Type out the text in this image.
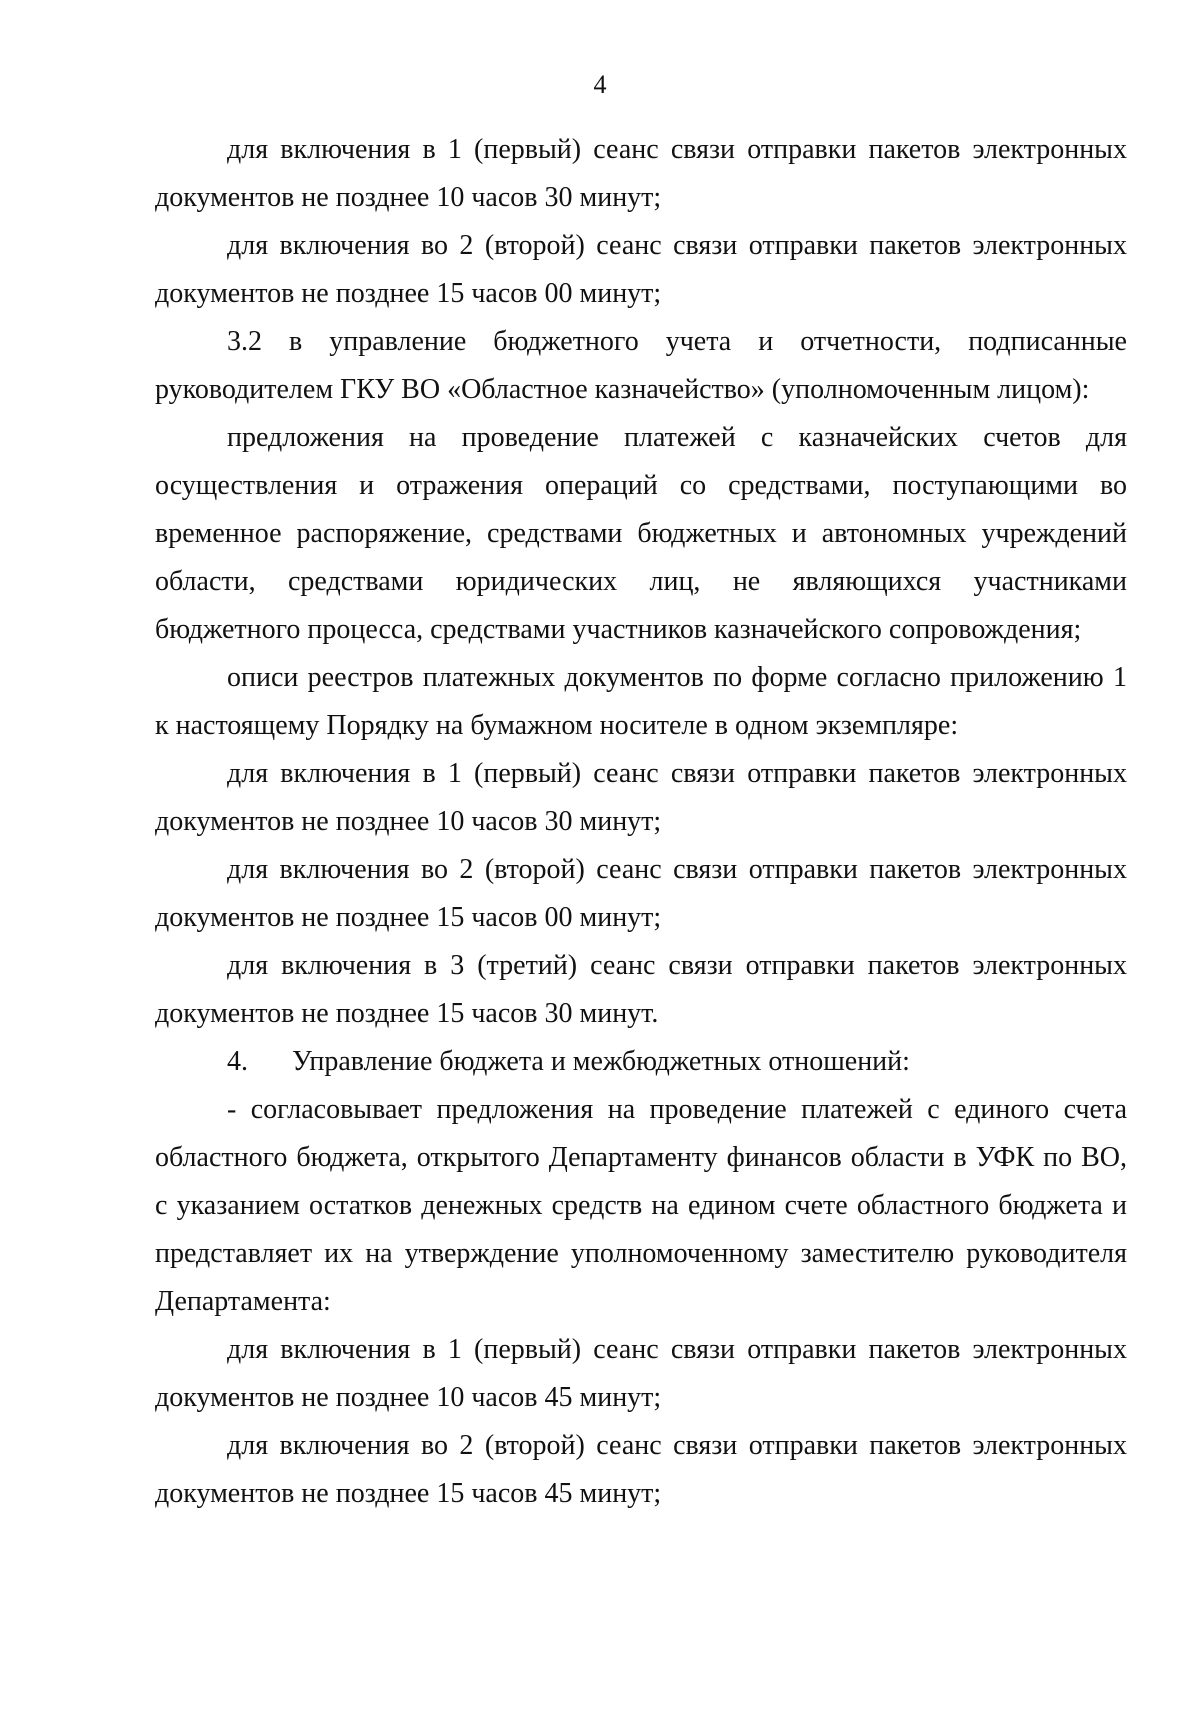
4

для включения в 1 (первый) сеанс связи отправки пакетов электронных документов не позднее 10 часов 30 минут;

для включения во 2 (второй) сеанс связи отправки пакетов электронных документов не позднее 15 часов 00 минут;

3.2 в управление бюджетного учета и отчетности, подписанные руководителем ГКУ ВО «Областное казначейство» (уполномоченным лицом):

предложения на проведение платежей с казначейских счетов для осуществления и отражения операций со средствами, поступающими во временное распоряжение, средствами бюджетных и автономных учреждений области, средствами юридических лиц, не являющихся участниками бюджетного процесса, средствами участников казначейского сопровождения;

описи реестров платежных документов по форме согласно приложению 1 к настоящему Порядку на бумажном носителе в одном экземпляре:

для включения в 1 (первый) сеанс связи отправки пакетов электронных документов не позднее 10 часов 30 минут;

для включения во 2 (второй) сеанс связи отправки пакетов электронных документов не позднее 15 часов 00 минут;

для включения в 3 (третий) сеанс связи отправки пакетов электронных документов не позднее 15 часов 30 минут.

4. Управление бюджета и межбюджетных отношений:

- согласовывает предложения на проведение платежей с единого счета областного бюджета, открытого Департаменту финансов области в УФК по ВО, с указанием остатков денежных средств на едином счете областного бюджета и представляет их на утверждение уполномоченному заместителю руководителя Департамента:

для включения в 1 (первый) сеанс связи отправки пакетов электронных документов не позднее 10 часов 45 минут;

для включения во 2 (второй) сеанс связи отправки пакетов электронных документов не позднее 15 часов 45 минут;
